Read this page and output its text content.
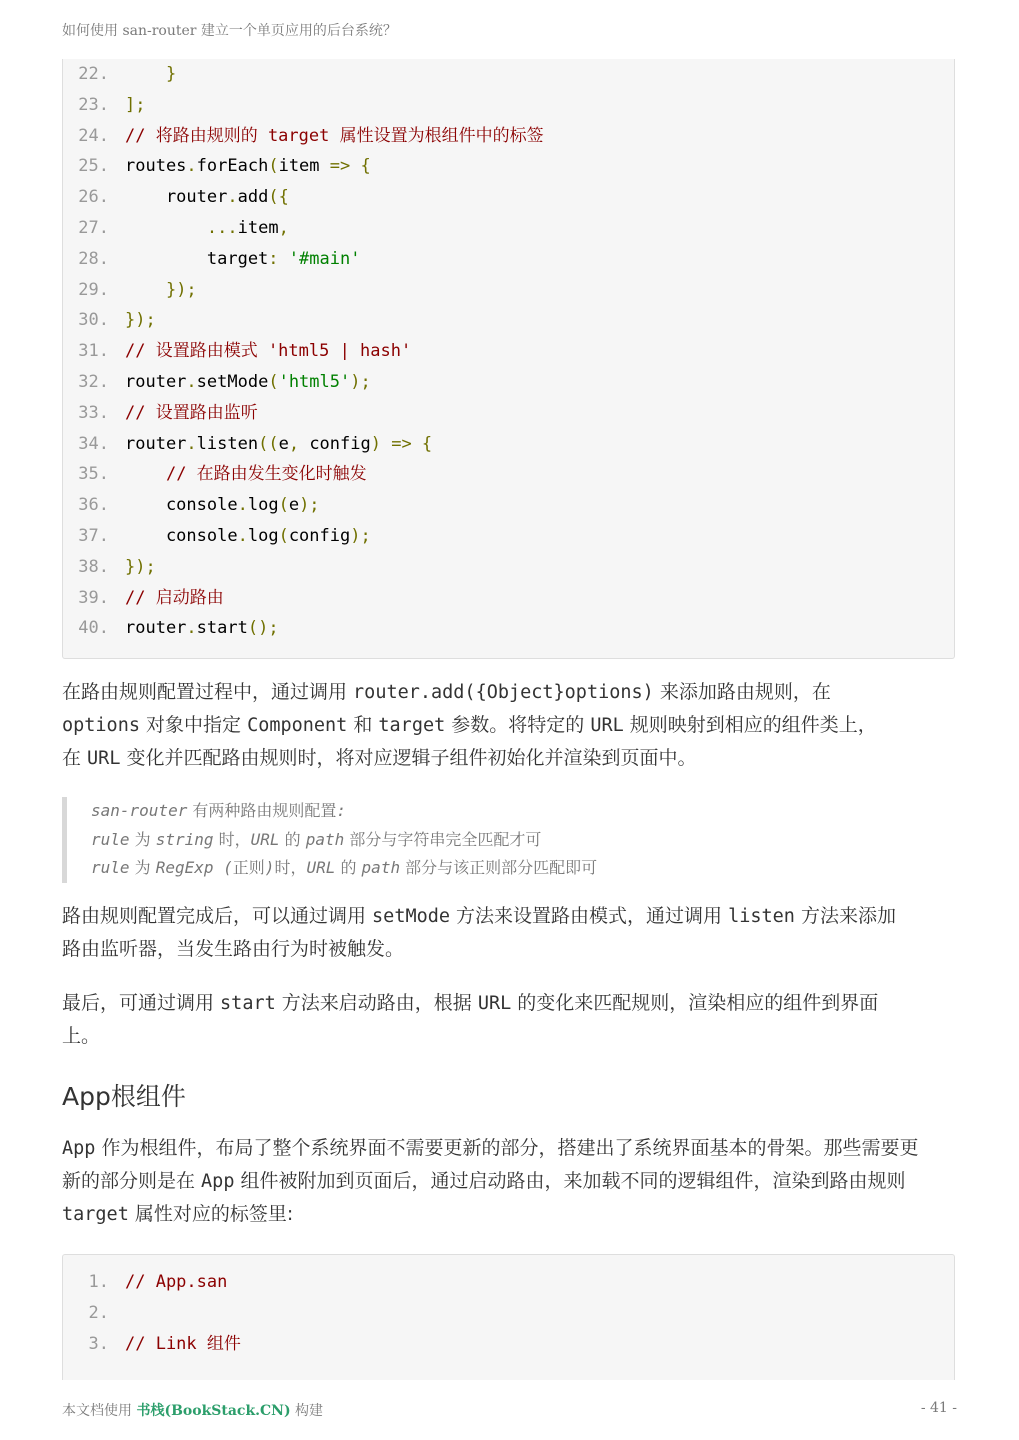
如何使用 san-router 建立一个单页应用的后台系统？
22.	}
23. ];
24. // 将路由规则的 target 属性设置为根组件中的标签
25. routes.forEach(item => {
26. router.add({
27.	...item,
28. target: '#main'
29.	});
30. });
31. // 设置路由模式 'html5 | hash'
32. router.setMode('html5');
33. // 设置路由监听
34. router.listen((e, config) => {
35.	// 在路由发生变化时触发
36. console.log(e);
37. console.log(config);
38. });
39. // 启动路由
40. router.start();
在路由规则配置过程中，通过调用 router.add({Object}options) 来添加路由规则，在
options 对象中指定 Component 和 target 参数。将特定的 URL 规则映射到相应的组件类上，
在 URL 变化并匹配路由规则时，将对应逻辑子组件初始化并渲染到页面中。
san-router 有两种路由规则配置:
rule 为 string 时，URL 的 path 部分与字符串完全匹配才可
rule 为 RegExp (正则)时，URL 的 path 部分与该正则部分匹配即可
路由规则配置完成后，可以通过调用 setMode 方法来设置路由模式，通过调用 listen 方法来添加
路由监听器，当发生路由行为时被触发。
最后，可通过调用 start 方法来启动路由，根据 URL 的变化来匹配规则，渲染相应的组件到界面
上。
App根组件
App 作为根组件，布局了整个系统界面不需要更新的部分，搭建出了系统界面基本的骨架。那些需要更
新的部分则是在 App 组件被附加到页面后，通过启动路由，来加载不同的逻辑组件，渲染到路由规则
target 属性对应的标签里:
1. // App.san
2.
3. // Link 组件
本文档使用 书栈(BookStack.CN) 构建	- 41 -
